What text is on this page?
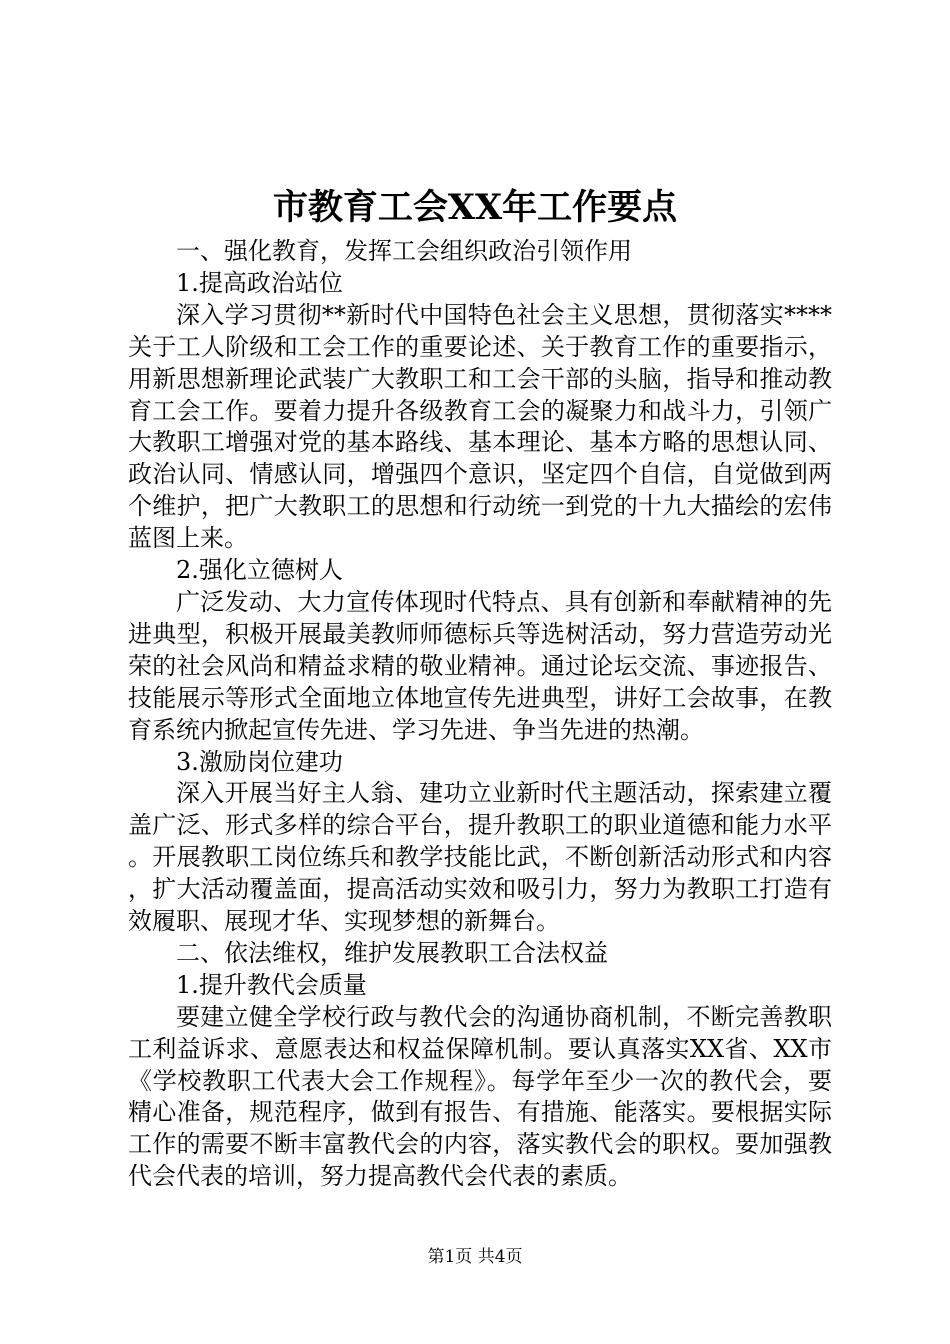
市教育工会XX年工作要点

一、强化教育，发挥工会组织政治引领作用

1.提高政治站位

深入学习贯彻**新时代中国特色社会主义思想，贯彻落实****关于工人阶级和工会工作的重要论述、关于教育工作的重要指示，用新思想新理论武装广大教职工和工会干部的头脑，指导和推动教育工会工作。要着力提升各级教育工会的凝聚力和战斗力，引领广大教职工增强对党的基本路线、基本理论、基本方略的思想认同、政治认同、情感认同，增强四个意识，坚定四个自信，自觉做到两个维护，把广大教职工的思想和行动统一到党的十九大描绘的宏伟蓝图上来。

2.强化立德树人

广泛发动、大力宣传体现时代特点、具有创新和奉献精神的先进典型，积极开展最美教师师德标兵等选树活动，努力营造劳动光荣的社会风尚和精益求精的敬业精神。通过论坛交流、事迹报告、技能展示等形式全面地立体地宣传先进典型，讲好工会故事，在教育系统内掀起宣传先进、学习先进、争当先进的热潮。

3.激励岗位建功

深入开展当好主人翁、建功立业新时代主题活动，探索建立覆盖广泛、形式多样的综合平台，提升教职工的职业道德和能力水平。开展教职工岗位练兵和教学技能比武，不断创新活动形式和内容，扩大活动覆盖面，提高活动实效和吸引力，努力为教职工打造有效履职、展现才华、实现梦想的新舞台。

二、依法维权，维护发展教职工合法权益

1.提升教代会质量

要建立健全学校行政与教代会的沟通协商机制，不断完善教职工利益诉求、意愿表达和权益保障机制。要认真落实XX省、XX市《学校教职工代表大会工作规程》。每学年至少一次的教代会，要精心准备，规范程序，做到有报告、有措施、能落实。要根据实际工作的需要不断丰富教代会的内容，落实教代会的职权。要加强教代会代表的培训，努力提高教代会代表的素质。

第1页 共4页
